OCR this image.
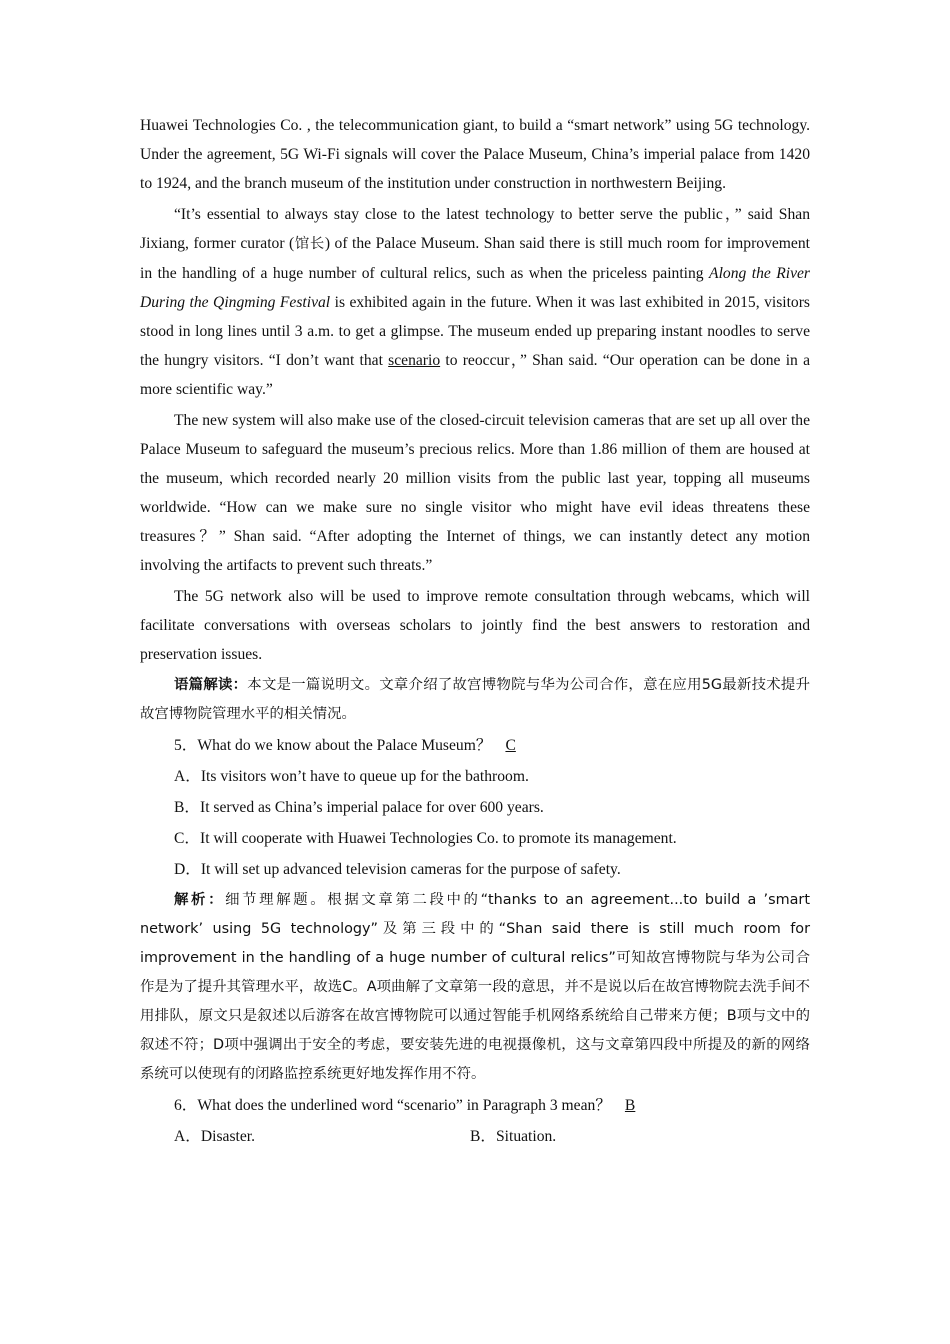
Huawei Technologies Co. , the telecommunication giant, to build a “smart network” using 5G technology. Under the agreement, 5G Wi-Fi signals will cover the Palace Museum, China’s imperial palace from 1420 to 1924, and the branch museum of the institution under construction in northwestern Beijing.

“It’s essential to always stay close to the latest technology to better serve the public，” said Shan Jixiang, former curator (馆长) of the Palace Museum. Shan said there is still much room for improvement in the handling of a huge number of cultural relics, such as when the priceless painting Along the River During the Qingming Festival is exhibited again in the future. When it was last exhibited in 2015, visitors stood in long lines until 3 a.m. to get a glimpse. The museum ended up preparing instant noodles to serve the hungry visitors. “I don’t want that scenario to reoccur，” Shan said. “Our operation can be done in a more scientific way.”

The new system will also make use of the closed-circuit television cameras that are set up all over the Palace Museum to safeguard the museum’s precious relics. More than 1.86 million of them are housed at the museum, which recorded nearly 20 million visits from the public last year, topping all museums worldwide. “How can we make sure no single visitor who might have evil ideas threatens these treasures？” Shan said. “After adopting the Internet of things, we can instantly detect any motion involving the artifacts to prevent such threats.”

The 5G network also will be used to improve remote consultation through webcams, which will facilitate conversations with overseas scholars to jointly find the best answers to restoration and preservation issues.

语篇解读：本文是一篇说明文。文章介绍了故宫博物院与华为公司合作，意在应用5G最新技术提升故宫博物院管理水平的相关情况。

5．What do we know about the Palace Museum？ C

A．Its visitors won’t have to queue up for the bathroom.

B．It served as China’s imperial palace for over 600 years.

C．It will cooperate with Huawei Technologies Co. to promote its management.

D．It will set up advanced television cameras for the purpose of safety.

解析：细节理解题。根据文章第二段中的“thanks to an agreement...to build a ’smart network’ using 5G technology”及第三段中的“Shan said there is still much room for improvement in the handling of a huge number of cultural relics”可知故宫博物院与华为公司合作是为了提升其管理水平，故选C。A项曲解了文章第一段的意思，并不是说以后在故宫博物院去洗手间不用排队，原文只是叙述以后游客在故宫博物院可以通过智能手机网络系统给自己带来方便；B项与文中的叙述不符；D项中强调出于安全的考虑，要安装先进的电视摄像机，这与文章第四段中所提及的新的网络系统可以使现有的闭路监控系统更好地发挥作用不符。

6．What does the underlined word “scenario” in Paragraph 3 mean？ B

A．Disaster.	B．Situation.
